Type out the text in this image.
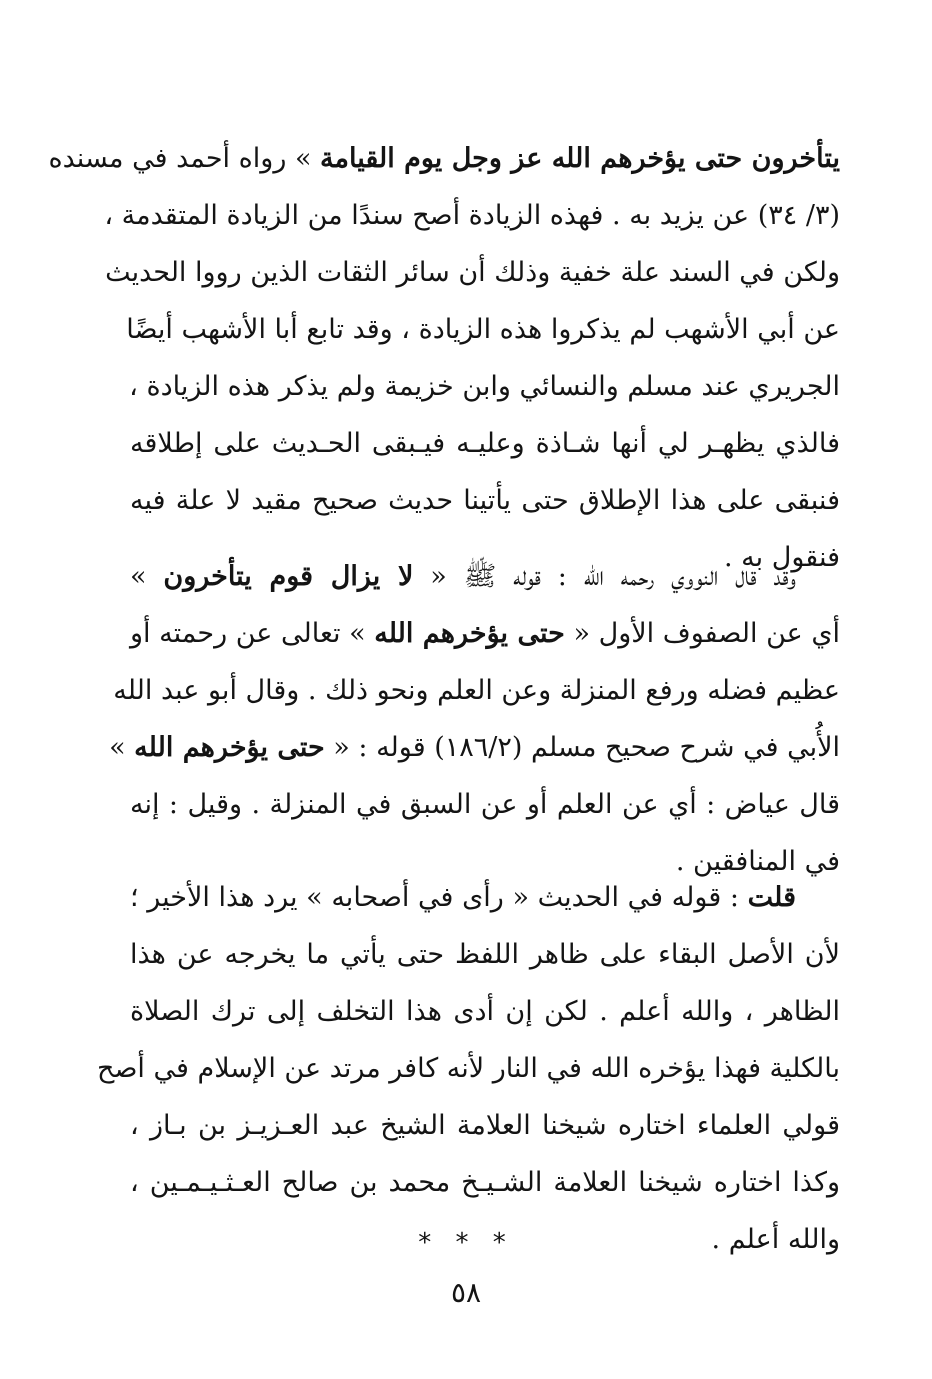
يتأخرون حتى يؤخرهم الله عز وجل يوم القيامة » رواه أحمد في مسنده
(٣/ ٣٤) عن يزيد به . فهذه الزيادة أصح سندًا من الزيادة المتقدمة ،
ولكن في السند علة خفية وذلك أن سائر الثقات الذين رووا الحديث
عن أبي الأشهب لم يذكروا هذه الزيادة ، وقد تابع أبا الأشهب أيضًا
الجريري عند مسلم والنسائي وابن خزيمة ولم يذكر هذه الزيادة ،
فالذي يظهـر لي أنها شـاذة وعليـه فيـبقى الحـديث على إطلاقه
فنبقى على هذا الإطلاق حتى يأتينا حديث صحيح مقيد لا علة فيه
فنقول به .
وقد قال النووي رحمه الله : قوله ﷺ « لا يزال قوم يتأخرون »
أي عن الصفوف الأول « حتى يؤخرهم الله » تعالى عن رحمته أو
عظيم فضله ورفع المنزلة وعن العلم ونحو ذلك . وقال أبو عبد الله
الأُبي في شرح صحيح مسلم (١٨٦/٢) قوله : « حتى يؤخرهم الله »
قال عياض : أي عن العلم أو عن السبق في المنزلة . وقيل : إنه
في المنافقين .
قلت : قوله في الحديث « رأى في أصحابه » يرد هذا الأخير ؛
لأن الأصل البقاء على ظاهر اللفظ حتى يأتي ما يخرجه عن هذا
الظاهر ، والله أعلم . لكن إن أدى هذا التخلف إلى ترك الصلاة
بالكلية فهذا يؤخره الله في النار لأنه كافر مرتد عن الإسلام في أصح
قولي العلماء اختاره شيخنا العلامة الشيخ عبد العـزيـز بن بـاز ،
وكذا اختاره شيخنا العلامة الشـيـخ محمد بن صالح العـثـيـمـين ،
والله أعلم .
* * *
٥٨
